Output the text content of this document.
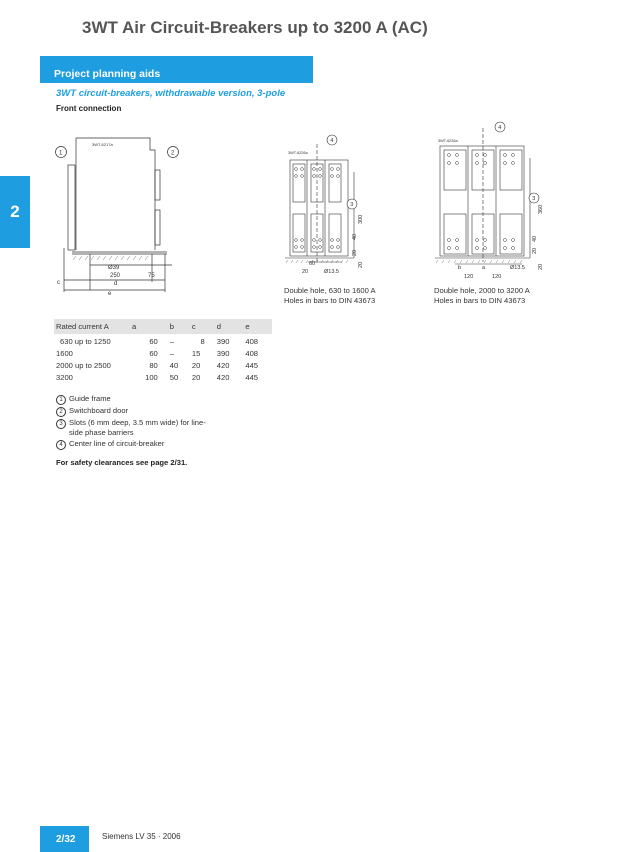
3WT Air Circuit-Breakers up to 3200 A (AC)
Project planning aids
2
3WT circuit-breakers, withdrawable version, 3-pole
Front connection
3WT-6217a
1	2
Ø39
250	75
c	d
e
3WT-6226a
4
3
300
40
20
20
60
20	Ø13.5
3WT-6226a
4
3
360
40
20
20
b	a
120	120
Ø13.5
Double hole, 630 to 1600 A
Holes in bars to DIN 43673
Double hole, 2000 to 3200 A
Holes in bars to DIN 43673
Rated current A	a	b	c	d	e
630 up to 1250	60	–	8	390	408
1600	60	–	15	390	408
2000 up to 2500	80	40	20	420	445
3200	100	50	20	420	445
1 Guide frame
2 Switchboard door
3 Slots (6 mm deep, 3.5 mm wide) for line-side phase barriers
4 Center line of circuit-breaker
For safety clearances see page 2/31.
2/32	Siemens LV 35 · 2006
